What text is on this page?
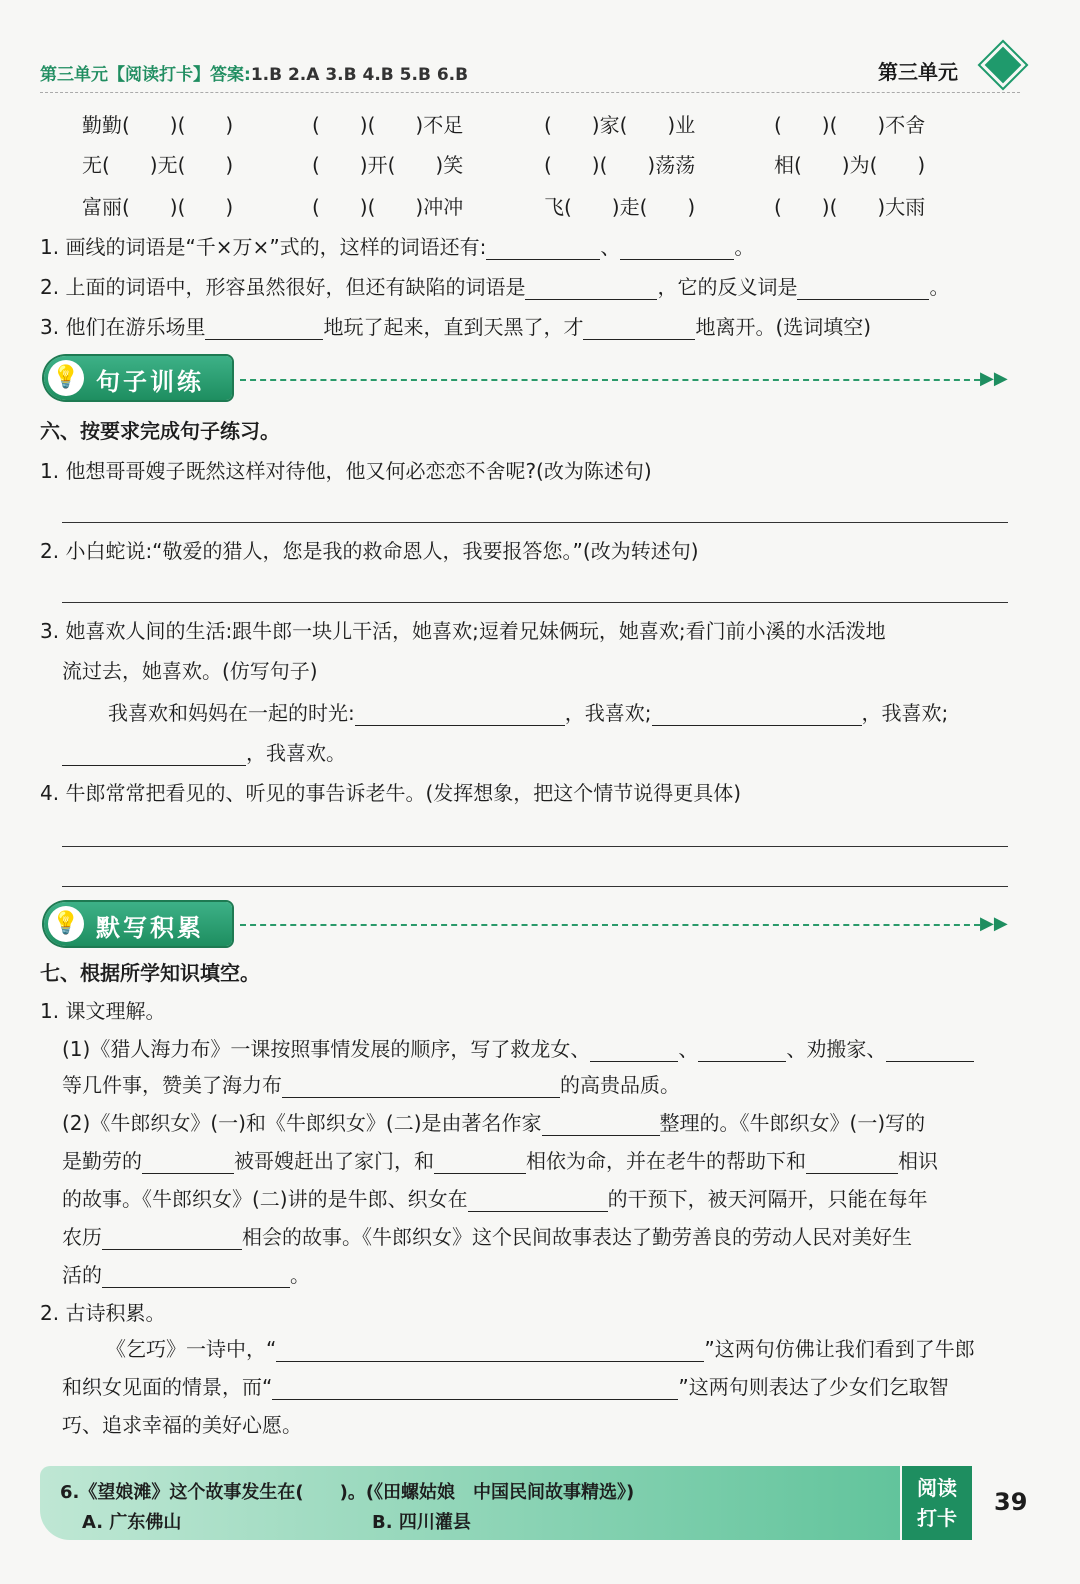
第三单元【阅读打卡】答案:1.B 2.A 3.B 4.B 5.B 6.B	第三单元
勤勤(　　)(　　)	(　　)(　　)不足	(　　)家(　　)业	(　　)(　　)不舍
无(　　)无(　　)	(　　)开(　　)笑	(　　)(　　)荡荡	相(　　)为(　　)
富丽(　　)(　　)	(　　)(　　)冲冲	飞(　　)走(　　)	(　　)(　　)大雨
1. 画线的词语是“千×万×”式的，这样的词语还有:	、	。
2. 上面的词语中，形容虽然很好，但还有缺陷的词语是	，它的反义词是	。
3. 他们在游乐场里	地玩了起来，直到天黑了，才	地离开。(选词填空)
💡 句子训练	▶▶
六、按要求完成句子练习。
1. 他想哥哥嫂子既然这样对待他，他又何必恋恋不舍呢?(改为陈述句)
2. 小白蛇说:“敬爱的猎人，您是我的救命恩人，我要报答您。”(改为转述句)
3. 她喜欢人间的生活:跟牛郎一块儿干活，她喜欢;逗着兄妹俩玩，她喜欢;看门前小溪的水活泼地
流过去，她喜欢。(仿写句子)
我喜欢和妈妈在一起的时光:	，我喜欢;	，我喜欢;
，我喜欢。
4. 牛郎常常把看见的、听见的事告诉老牛。(发挥想象，把这个情节说得更具体)
💡 默写积累	▶▶
七、根据所学知识填空。
1. 课文理解。
(1)《猎人海力布》一课按照事情发展的顺序，写了救龙女、	、	、劝搬家、
等几件事，赞美了海力布	的高贵品质。
(2)《牛郎织女》(一)和《牛郎织女》(二)是由著名作家	整理的。《牛郎织女》(一)写的
是勤劳的	被哥嫂赶出了家门，和	相依为命，并在老牛的帮助下和	相识
的故事。《牛郎织女》(二)讲的是牛郎、织女在	的干预下，被天河隔开，只能在每年
农历	相会的故事。《牛郎织女》这个民间故事表达了勤劳善良的劳动人民对美好生
活的	。
2. 古诗积累。
《乞巧》一诗中，“	”这两句仿佛让我们看到了牛郎
和织女见面的情景，而“	”这两句则表达了少女们乞取智
巧、追求幸福的美好心愿。
6.《望娘滩》这个故事发生在(　　)。(《田螺姑娘　中国民间故事精选》)
A. 广东佛山	B. 四川灌县
阅读
打卡
39
